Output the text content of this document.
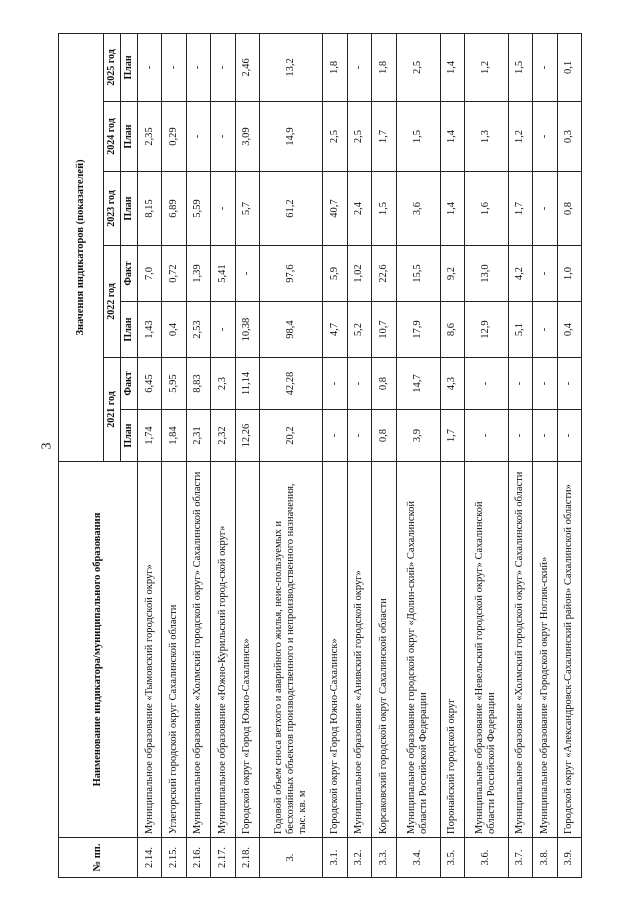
3
№ пп.	Наименование индикатора/муниципального образования	Значения индикаторов (показателей)						
		2021 год		2022 год		2023 год	2024 год	2025 год
		План	Факт	План	Факт	План	План	План
2.14.	Муниципальное образование «Тымовский городской округ»	1,74	6,45	1,43	7,0	8,15	2,35	-
2.15.	Углегорский городской округ Сахалинской области	1,84	5,95	0,4	0,72	6,89	0,29	-
2.16.	Муниципальное образование «Холмский городской округ» Сахалинской области	2,31	8,83	2,53	1,39	5,59	-	-
2.17.	Муниципальное образование «Южно-Курильский город-ской округ»	2,32	2,3	-	5,41	-	-	-
2.18.	Городской округ «Город Южно-Сахалинск»	12,26	11,14	10,38	-	5,7	3,09	2,46
3.	Годовой объем сноса ветхого и аварийного жилья, неис-пользуемых и бесхозяйных объектов производственного и непроизводственного назначения, тыс. кв. м	20,2	42,28	98,4	97,6	61,2	14,9	13,2
3.1.	Городской округ «Город Южно-Сахалинск»	-	-	4,7	5,9	40,7	2,5	1,8
3.2.	Муниципальное образование «Анивский городской округ»	-	-	5,2	1,02	2,4	2,5	-
3.3.	Корсаковский городской округ Сахалинской области	0,8	0,8	10,7	22,6	1,5	1,7	1,8
3.4.	Муниципальное образование городской округ «Долин-ский» Сахалинской области Российской Федерации	3,9	14,7	17,9	15,5	3,6	1,5	2,5
3.5.	Поронайский городской округ	1,7	4,3	8,6	9,2	1,4	1,4	1,4
3.6.	Муниципальное образование «Невельский городской округ» Сахалинской области Российской Федерации	-	-	12,9	13,0	1,6	1,3	1,2
3.7.	Муниципальное образование «Холмский городской округ» Сахалинской области	-	-	5,1	4,2	1,7	1,2	1,5
3.8.	Муниципальное образование «Городской округ Ноглик-ский»	-	-	-	-	-	-	-
3.9.	Городской округ «Александровск-Сахалинский район» Сахалинской области»	-	-	0,4	1,0	0,8	0,3	0,1
